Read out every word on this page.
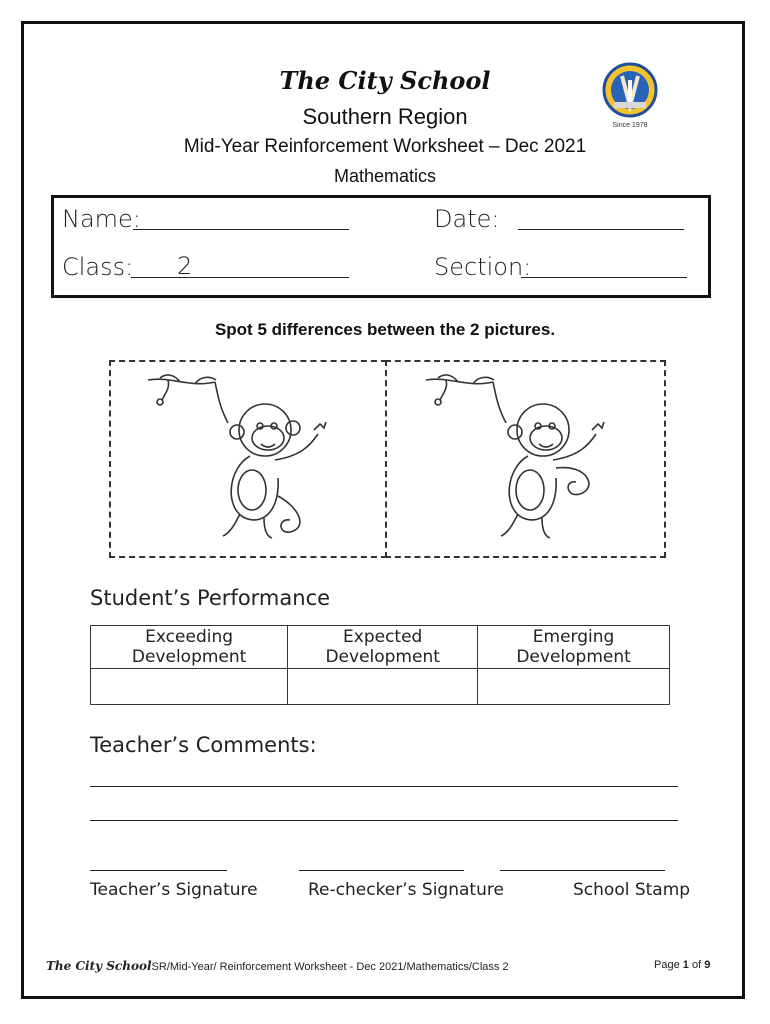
The City School
Southern Region
Mid-Year Reinforcement Worksheet – Dec 2021
Mathematics
Since 1978
Name:	Date:
Class: 2	Section:
Spot 5 differences between the 2 pictures.
Student’s Performance
Exceeding Development	Expected Development	Emerging Development

Teacher’s Comments:
Teacher’s Signature	Re-checker’s Signature	School Stamp
The City SchoolSR/Mid-Year/ Reinforcement Worksheet - Dec 2021/Mathematics/Class 2	Page 1 of 9
